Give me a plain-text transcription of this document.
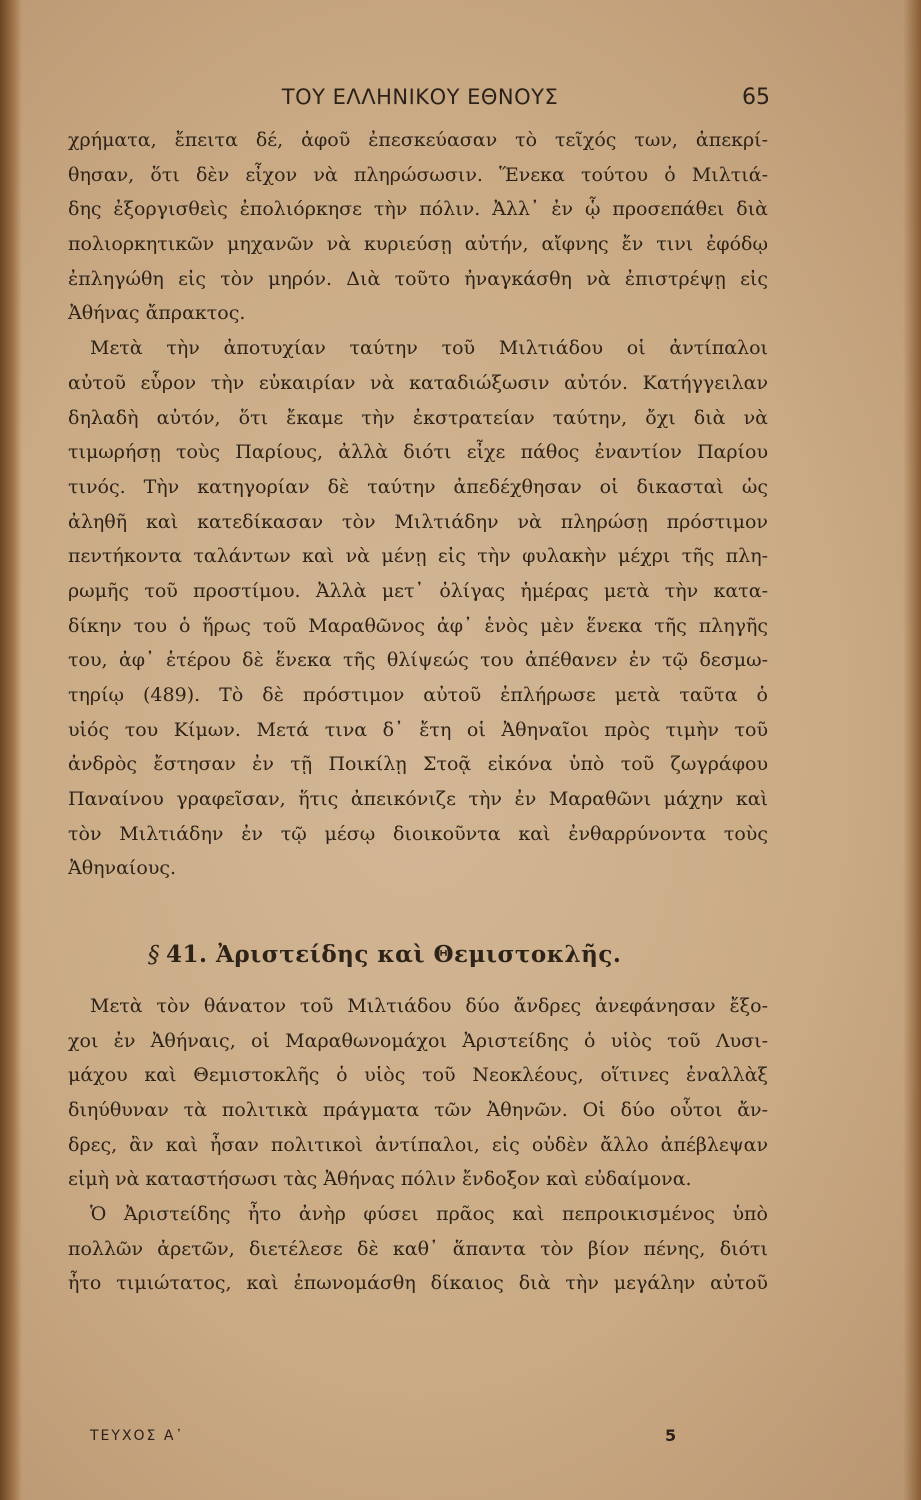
ΤΟΥ ΕΛΛΗΝΙΚΟΥ ΕΘΝΟΥΣ	65
χρήματα, ἔπειτα δέ, ἀφοῦ ἐπεσκεύασαν τὸ τεῖχός των, ἀπεκρί-
θησαν, ὅτι δὲν εἶχον νὰ πληρώσωσιν. Ἕνεκα τούτου ὁ Μιλτιά-
δης ἐξοργισθεὶς ἐπολιόρκησε τὴν πόλιν. Ἀλλ᾽ ἐν ᾧ προσεπάθει διὰ
πολιορκητικῶν μηχανῶν νὰ κυριεύσῃ αὐτήν, αἴφνης ἔν τινι ἐφόδῳ
ἐπληγώθη εἰς τὸν μηρόν. Διὰ τοῦτο ἠναγκάσθη νὰ ἐπιστρέψῃ εἰς
Ἀθήνας ἄπρακτος.
Μετὰ τὴν ἀποτυχίαν ταύτην τοῦ Μιλτιάδου οἱ ἀντίπαλοι
αὐτοῦ εὗρον τὴν εὐκαιρίαν νὰ καταδιώξωσιν αὐτόν. Κατήγγειλαν
δηλαδὴ αὐτόν, ὅτι ἔκαμε τὴν ἐκστρατείαν ταύτην, ὄχι διὰ νὰ
τιμωρήσῃ τοὺς Παρίους, ἀλλὰ διότι εἶχε πάθος ἐναντίον Παρίου
τινός. Τὴν κατηγορίαν δὲ ταύτην ἀπεδέχθησαν οἱ δικασταὶ ὡς
ἀληθῆ καὶ κατεδίκασαν τὸν Μιλτιάδην νὰ πληρώσῃ πρόστιμον
πεντήκοντα ταλάντων καὶ νὰ μένῃ εἰς τὴν φυλακὴν μέχρι τῆς πλη-
ρωμῆς τοῦ προστίμου. Ἀλλὰ μετ᾽ ὀλίγας ἡμέρας μετὰ τὴν κατα-
δίκην του ὁ ἥρως τοῦ Μαραθῶνος ἀφ᾽ ἑνὸς μὲν ἕνεκα τῆς πληγῆς
του, ἀφ᾽ ἑτέρου δὲ ἕνεκα τῆς θλίψεώς του ἀπέθανεν ἐν τῷ δεσμω-
τηρίῳ (489). Τὸ δὲ πρόστιμον αὐτοῦ ἐπλήρωσε μετὰ ταῦτα ὁ
υἱός του Κίμων. Μετά τινα δ᾽ ἔτη οἱ Ἀθηναῖοι πρὸς τιμὴν τοῦ
ἀνδρὸς ἔστησαν ἐν τῇ Ποικίλῃ Στοᾷ εἰκόνα ὑπὸ τοῦ ζωγράφου
Παναίνου γραφεῖσαν, ἥτις ἀπεικόνιζε τὴν ἐν Μαραθῶνι μάχην καὶ
τὸν Μιλτιάδην ἐν τῷ μέσῳ διοικοῦντα καὶ ἐνθαρρύνοντα τοὺς
Ἀθηναίους.
§ 41. Ἀριστείδης καὶ Θεμιστοκλῆς.
Μετὰ τὸν θάνατον τοῦ Μιλτιάδου δύο ἄνδρες ἀνεφάνησαν ἔξο-
χοι ἐν Ἀθήναις, οἱ Μαραθωνομάχοι Ἀριστείδης ὁ υἱὸς τοῦ Λυσι-
μάχου καὶ Θεμιστοκλῆς ὁ υἱὸς τοῦ Νεοκλέους, οἵτινες ἐναλλὰξ
διηύθυναν τὰ πολιτικὰ πράγματα τῶν Ἀθηνῶν. Οἱ δύο οὗτοι ἄν-
δρες, ἂν καὶ ἦσαν πολιτικοὶ ἀντίπαλοι, εἰς οὐδὲν ἄλλο ἀπέβλεψαν
εἰμὴ νὰ καταστήσωσι τὰς Ἀθήνας πόλιν ἔνδοξον καὶ εὐδαίμονα.
Ὁ Ἀριστείδης ἦτο ἀνὴρ φύσει πρᾶος καὶ πεπροικισμένος ὑπὸ
πολλῶν ἀρετῶν, διετέλεσε δὲ καθ᾽ ἅπαντα τὸν βίον πένης, διότι
ἦτο τιμιώτατος, καὶ ἐπωνομάσθη δίκαιος διὰ τὴν μεγάλην αὐτοῦ
ΤΕΥΧΟΣ Α᾽	5
